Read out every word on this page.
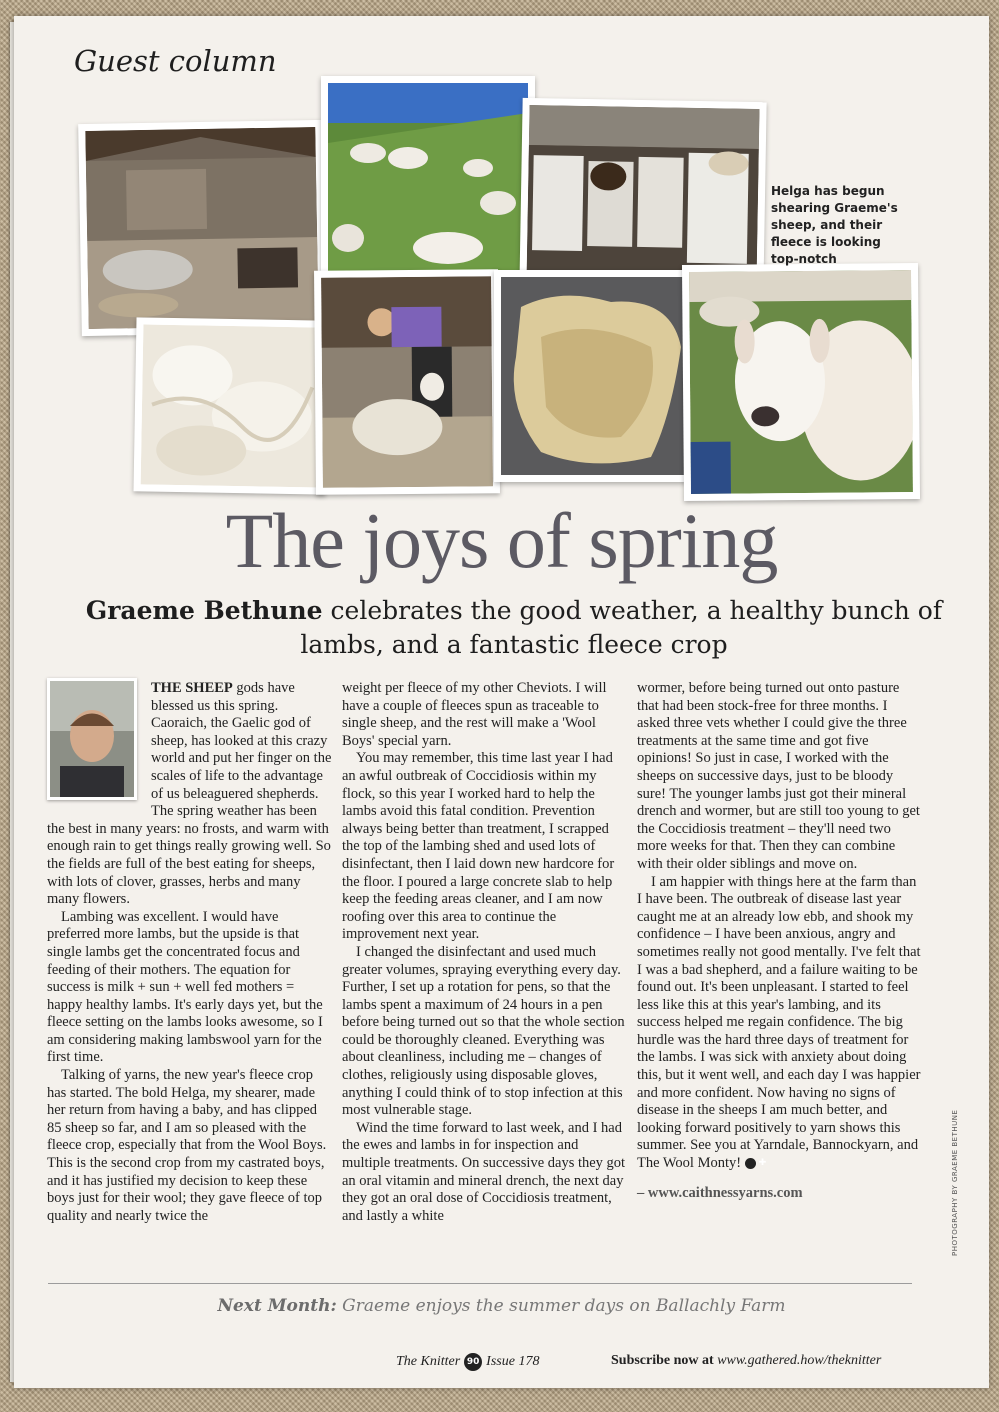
Guest column

Helga has begun shearing Graeme's sheep, and their fleece is looking top-notch

The joys of spring

Graeme Bethune celebrates the good weather, a healthy bunch of lambs, and a fantastic fleece crop

THE SHEEP gods have blessed us this spring. Caoraich, the Gaelic god of sheep, has looked at this crazy world and put her finger on the scales of life to the advantage of us beleaguered shepherds. The spring weather has been the best in many years: no frosts, and warm with enough rain to get things really growing well. So the fields are full of the best eating for sheeps, with lots of clover, grasses, herbs and many many flowers.

Lambing was excellent. I would have preferred more lambs, but the upside is that single lambs get the concentrated focus and feeding of their mothers. The equation for success is milk + sun + well fed mothers = happy healthy lambs. It's early days yet, but the fleece setting on the lambs looks awesome, so I am considering making lambswool yarn for the first time.

Talking of yarns, the new year's fleece crop has started. The bold Helga, my shearer, made her return from having a baby, and has clipped 85 sheep so far, and I am so pleased with the fleece crop, especially that from the Wool Boys. This is the second crop from my castrated boys, and it has justified my decision to keep these boys just for their wool; they gave fleece of top quality and nearly twice the

weight per fleece of my other Cheviots. I will have a couple of fleeces spun as traceable to single sheep, and the rest will make a 'Wool Boys' special yarn.

You may remember, this time last year I had an awful outbreak of Coccidiosis within my flock, so this year I worked hard to help the lambs avoid this fatal condition. Prevention always being better than treatment, I scrapped the top of the lambing shed and used lots of disinfectant, then I laid down new hardcore for the floor. I poured a large concrete slab to help keep the feeding areas cleaner, and I am now roofing over this area to continue the improvement next year.

I changed the disinfectant and used much greater volumes, spraying everything every day. Further, I set up a rotation for pens, so that the lambs spent a maximum of 24 hours in a pen before being turned out so that the whole section could be thoroughly cleaned. Everything was about cleanliness, including me – changes of clothes, religiously using disposable gloves, anything I could think of to stop infection at this most vulnerable stage.

Wind the time forward to last week, and I had the ewes and lambs in for inspection and multiple treatments. On successive days they got an oral vitamin and mineral drench, the next day they got an oral dose of Coccidiosis treatment, and lastly a white

wormer, before being turned out onto pasture that had been stock-free for three months. I asked three vets whether I could give the three treatments at the same time and got five opinions! So just in case, I worked with the sheeps on successive days, just to be bloody sure! The younger lambs just got their mineral drench and wormer, but are still too young to get the Coccidiosis treatment – they'll need two more weeks for that. Then they can combine with their older siblings and move on.

I am happier with things here at the farm than I have been. The outbreak of disease last year caught me at an already low ebb, and shook my confidence – I have been anxious, angry and sometimes really not good mentally. I've felt that I was a bad shepherd, and a failure waiting to be found out. It's been unpleasant. I started to feel less like this at this year's lambing, and its success helped me regain confidence. The big hurdle was the hard three days of treatment for the lambs. I was sick with anxiety about doing this, but it went well, and each day I was happier and more confident. Now having no signs of disease in the sheeps I am much better, and looking forward positively to yarn shows this summer. See you at Yarndale, Bannockyarn, and The Wool Monty! ✚

– www.caithnessyarns.com

Next Month: Graeme enjoys the summer days on Ballachly Farm

PHOTOGRAPHY BY GRAEME BETHUNE

The Knitter 90 Issue 178	Subscribe now at www.gathered.how/theknitter
